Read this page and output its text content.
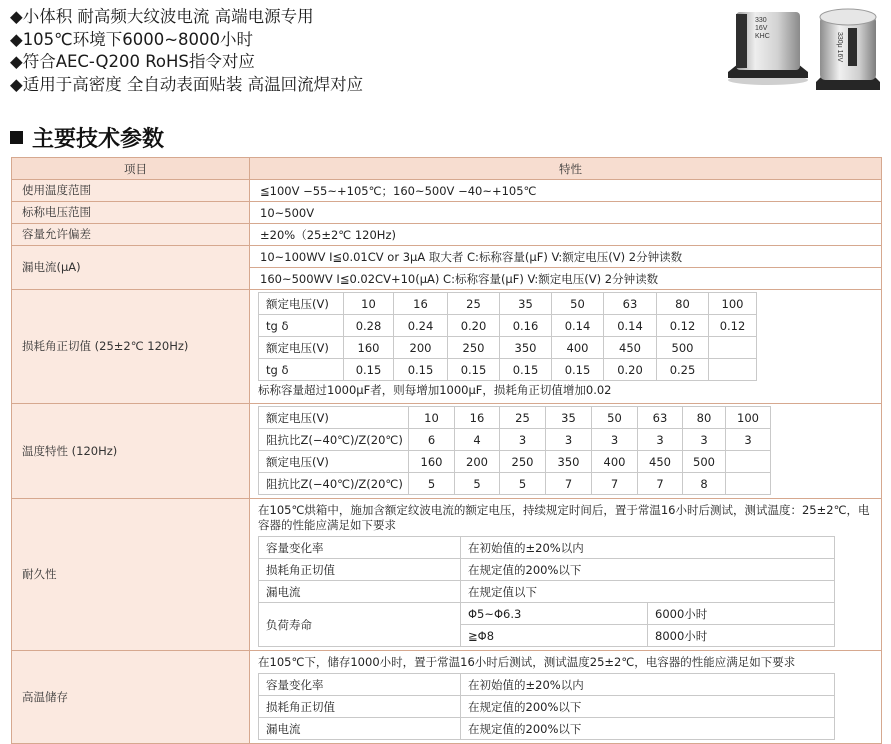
◆小体积 耐高频大纹波电流 高端电源专用
◆105℃环境下6000~8000小时
◆符合AEC-Q200 RoHS指令对应
◆适用于高密度 全自动表面贴装 高温回流焊对应
330
16V
KHC	330μ 16V
主要技术参数
项目	特性
使用温度范围	≦100V −55~+105℃；160~500V −40~+105℃
标称电压范围	10~500V
容量允许偏差	±20%（25±2℃ 120Hz)
漏电流(μA)	10~100WV I≦0.01CV or 3μA 取大者 C:标称容量(μF) V:额定电压(V) 2分钟读数
160~500WV I≦0.02CV+10(μA) C:标称容量(μF) V:额定电压(V) 2分钟读数
损耗角正切值 (25±2℃ 120Hz)	
额定电压(V)	10	16	25	35	50	63	80	100
tg δ	0.28	0.24	0.20	0.16	0.14	0.14	0.12	0.12
额定电压(V)	160	200	250	350	400	450	500	
tg δ	0.15	0.15	0.15	0.15	0.15	0.20	0.25	
标称容量超过1000μF者，则每增加1000μF，损耗角正切值增加0.02

温度特性 (120Hz)	
额定电压(V)	10	16	25	35	50	63	80	100
阻抗比Z(−40℃)/Z(20℃)	6	4	3	3	3	3	3	3
额定电压(V)	160	200	250	350	400	450	500	
阻抗比Z(−40℃)/Z(20℃)	5	5	5	7	7	7	8	

耐久性	
在105℃烘箱中，施加含额定纹波电流的额定电压，持续规定时间后，置于常温16小时后测试，测试温度：25±2℃，电容器的性能应满足如下要求
容量变化率	在初始值的±20%以内
损耗角正切值	在规定值的200%以下
漏电流	在规定值以下
负荷寿命	Φ5~Φ6.3	6000小时
≧Φ8	8000小时

高温储存	
在105℃下，储存1000小时，置于常温16小时后测试，测试温度25±2℃，电容器的性能应满足如下要求
容量变化率	在初始值的±20%以内
损耗角正切值	在规定值的200%以下
漏电流	在规定值的200%以下
